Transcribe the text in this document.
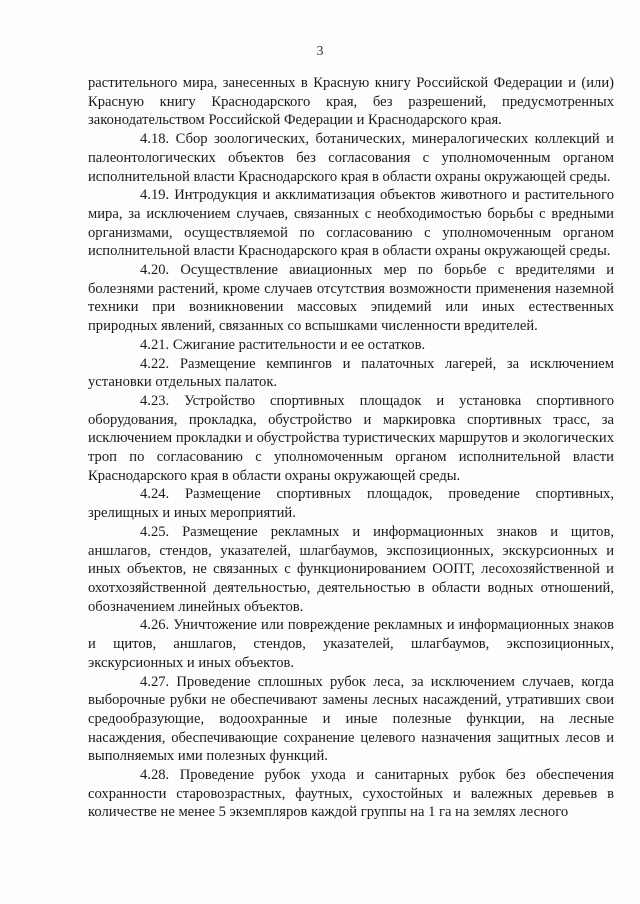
3

растительного мира, занесенных в Красную книгу Российской Федерации и (или) Красную книгу Краснодарского края, без разрешений, предусмотренных законодательством Российской Федерации и Краснодарского края.

4.18. Сбор зоологических, ботанических, минералогических коллекций и палеонтологических объектов без согласования с уполномоченным органом исполнительной власти Краснодарского края в области охраны окружающей среды.

4.19. Интродукция и акклиматизация объектов животного и растительного мира, за исключением случаев, связанных с необходимостью борьбы с вредными организмами, осуществляемой по согласованию с уполномоченным органом исполнительной власти Краснодарского края в области охраны окружающей среды.

4.20. Осуществление авиационных мер по борьбе с вредителями и болезнями растений, кроме случаев отсутствия возможности применения наземной техники при возникновении массовых эпидемий или иных естественных природных явлений, связанных со вспышками численности вредителей.

4.21. Сжигание растительности и ее остатков.

4.22. Размещение кемпингов и палаточных лагерей, за исключением установки отдельных палаток.

4.23. Устройство спортивных площадок и установка спортивного оборудования, прокладка, обустройство и маркировка спортивных трасс, за исключением прокладки и обустройства туристических маршрутов и экологических троп по согласованию с уполномоченным органом исполнительной власти Краснодарского края в области охраны окружающей среды.

4.24. Размещение спортивных площадок, проведение спортивных, зрелищных и иных мероприятий.

4.25. Размещение рекламных и информационных знаков и щитов, аншлагов, стендов, указателей, шлагбаумов, экспозиционных, экскурсионных и иных объектов, не связанных с функционированием ООПТ, лесохозяйственной и охотхозяйственной деятельностью, деятельностью в области водных отношений, обозначением линейных объектов.

4.26. Уничтожение или повреждение рекламных и информационных знаков и щитов, аншлагов, стендов, указателей, шлагбаумов, экспозиционных, экскурсионных и иных объектов.

4.27. Проведение сплошных рубок леса, за исключением случаев, когда выборочные рубки не обеспечивают замены лесных насаждений, утративших свои средообразующие, водоохранные и иные полезные функции, на лесные насаждения, обеспечивающие сохранение целевого назначения защитных лесов и выполняемых ими полезных функций.

4.28. Проведение рубок ухода и санитарных рубок без обеспечения сохранности старовозрастных, фаутных, сухостойных и валежных деревьев в количестве не менее 5 экземпляров каждой группы на 1 га на землях лесного
